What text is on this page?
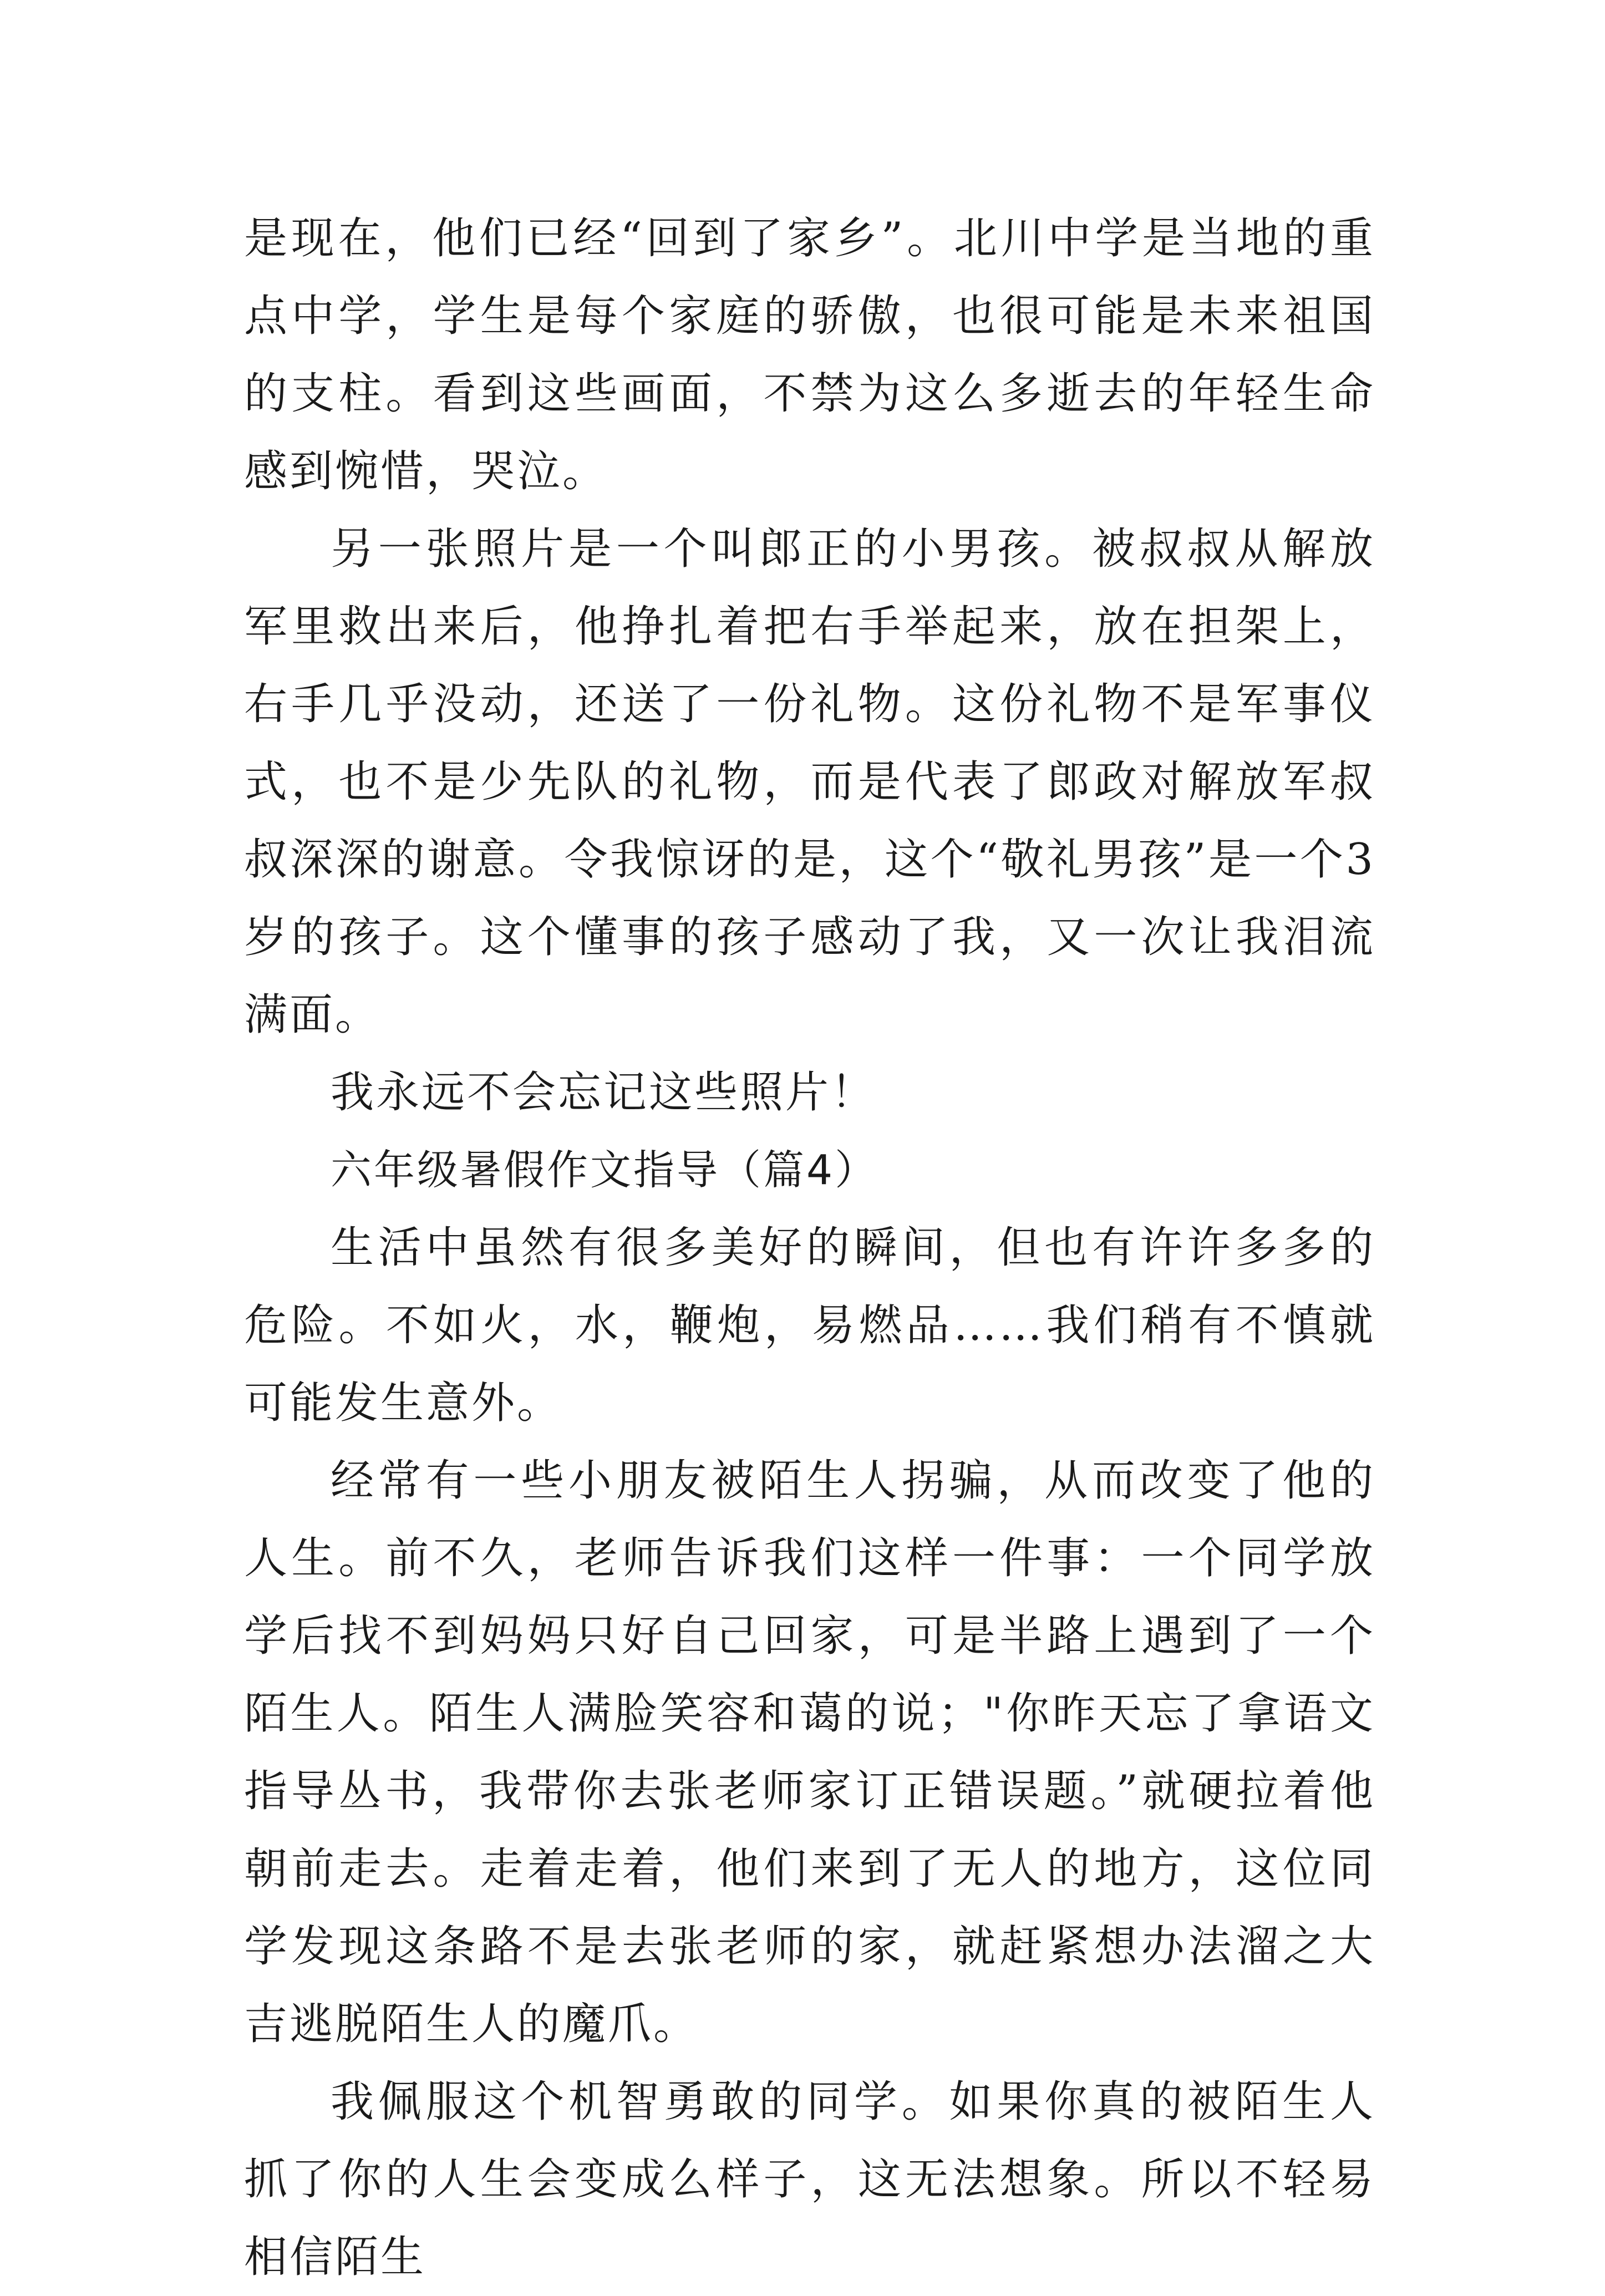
是现在，他们已经“回到了家乡”。北川中学是当地的重点中学，学生是每个家庭的骄傲，也很可能是未来祖国的支柱。看到这些画面，不禁为这么多逝去的年轻生命感到惋惜，哭泣。

另一张照片是一个叫郎正的小男孩。被叔叔从解放军里救出来后，他挣扎着把右手举起来，放在担架上，右手几乎没动，还送了一份礼物。这份礼物不是军事仪式，也不是少先队的礼物，而是代表了郎政对解放军叔叔深深的谢意。令我惊讶的是，这个“敬礼男孩”是一个3岁的孩子。这个懂事的孩子感动了我，又一次让我泪流满面。

我永远不会忘记这些照片！

六年级暑假作文指导（篇4）

生活中虽然有很多美好的瞬间，但也有许许多多的危险。不如火，水，鞭炮，易燃品……我们稍有不慎就可能发生意外。

经常有一些小朋友被陌生人拐骗，从而改变了他的人生。前不久，老师告诉我们这样一件事：一个同学放学后找不到妈妈只好自己回家，可是半路上遇到了一个陌生人。陌生人满脸笑容和蔼的说；"你昨天忘了拿语文指导丛书，我带你去张老师家订正错误题。”就硬拉着他朝前走去。走着走着，他们来到了无人的地方，这位同学发现这条路不是去张老师的家，就赶紧想办法溜之大吉逃脱陌生人的魔爪。

我佩服这个机智勇敢的同学。如果你真的被陌生人抓了你的人生会变成么样子，这无法想象。所以不轻易相信陌生
